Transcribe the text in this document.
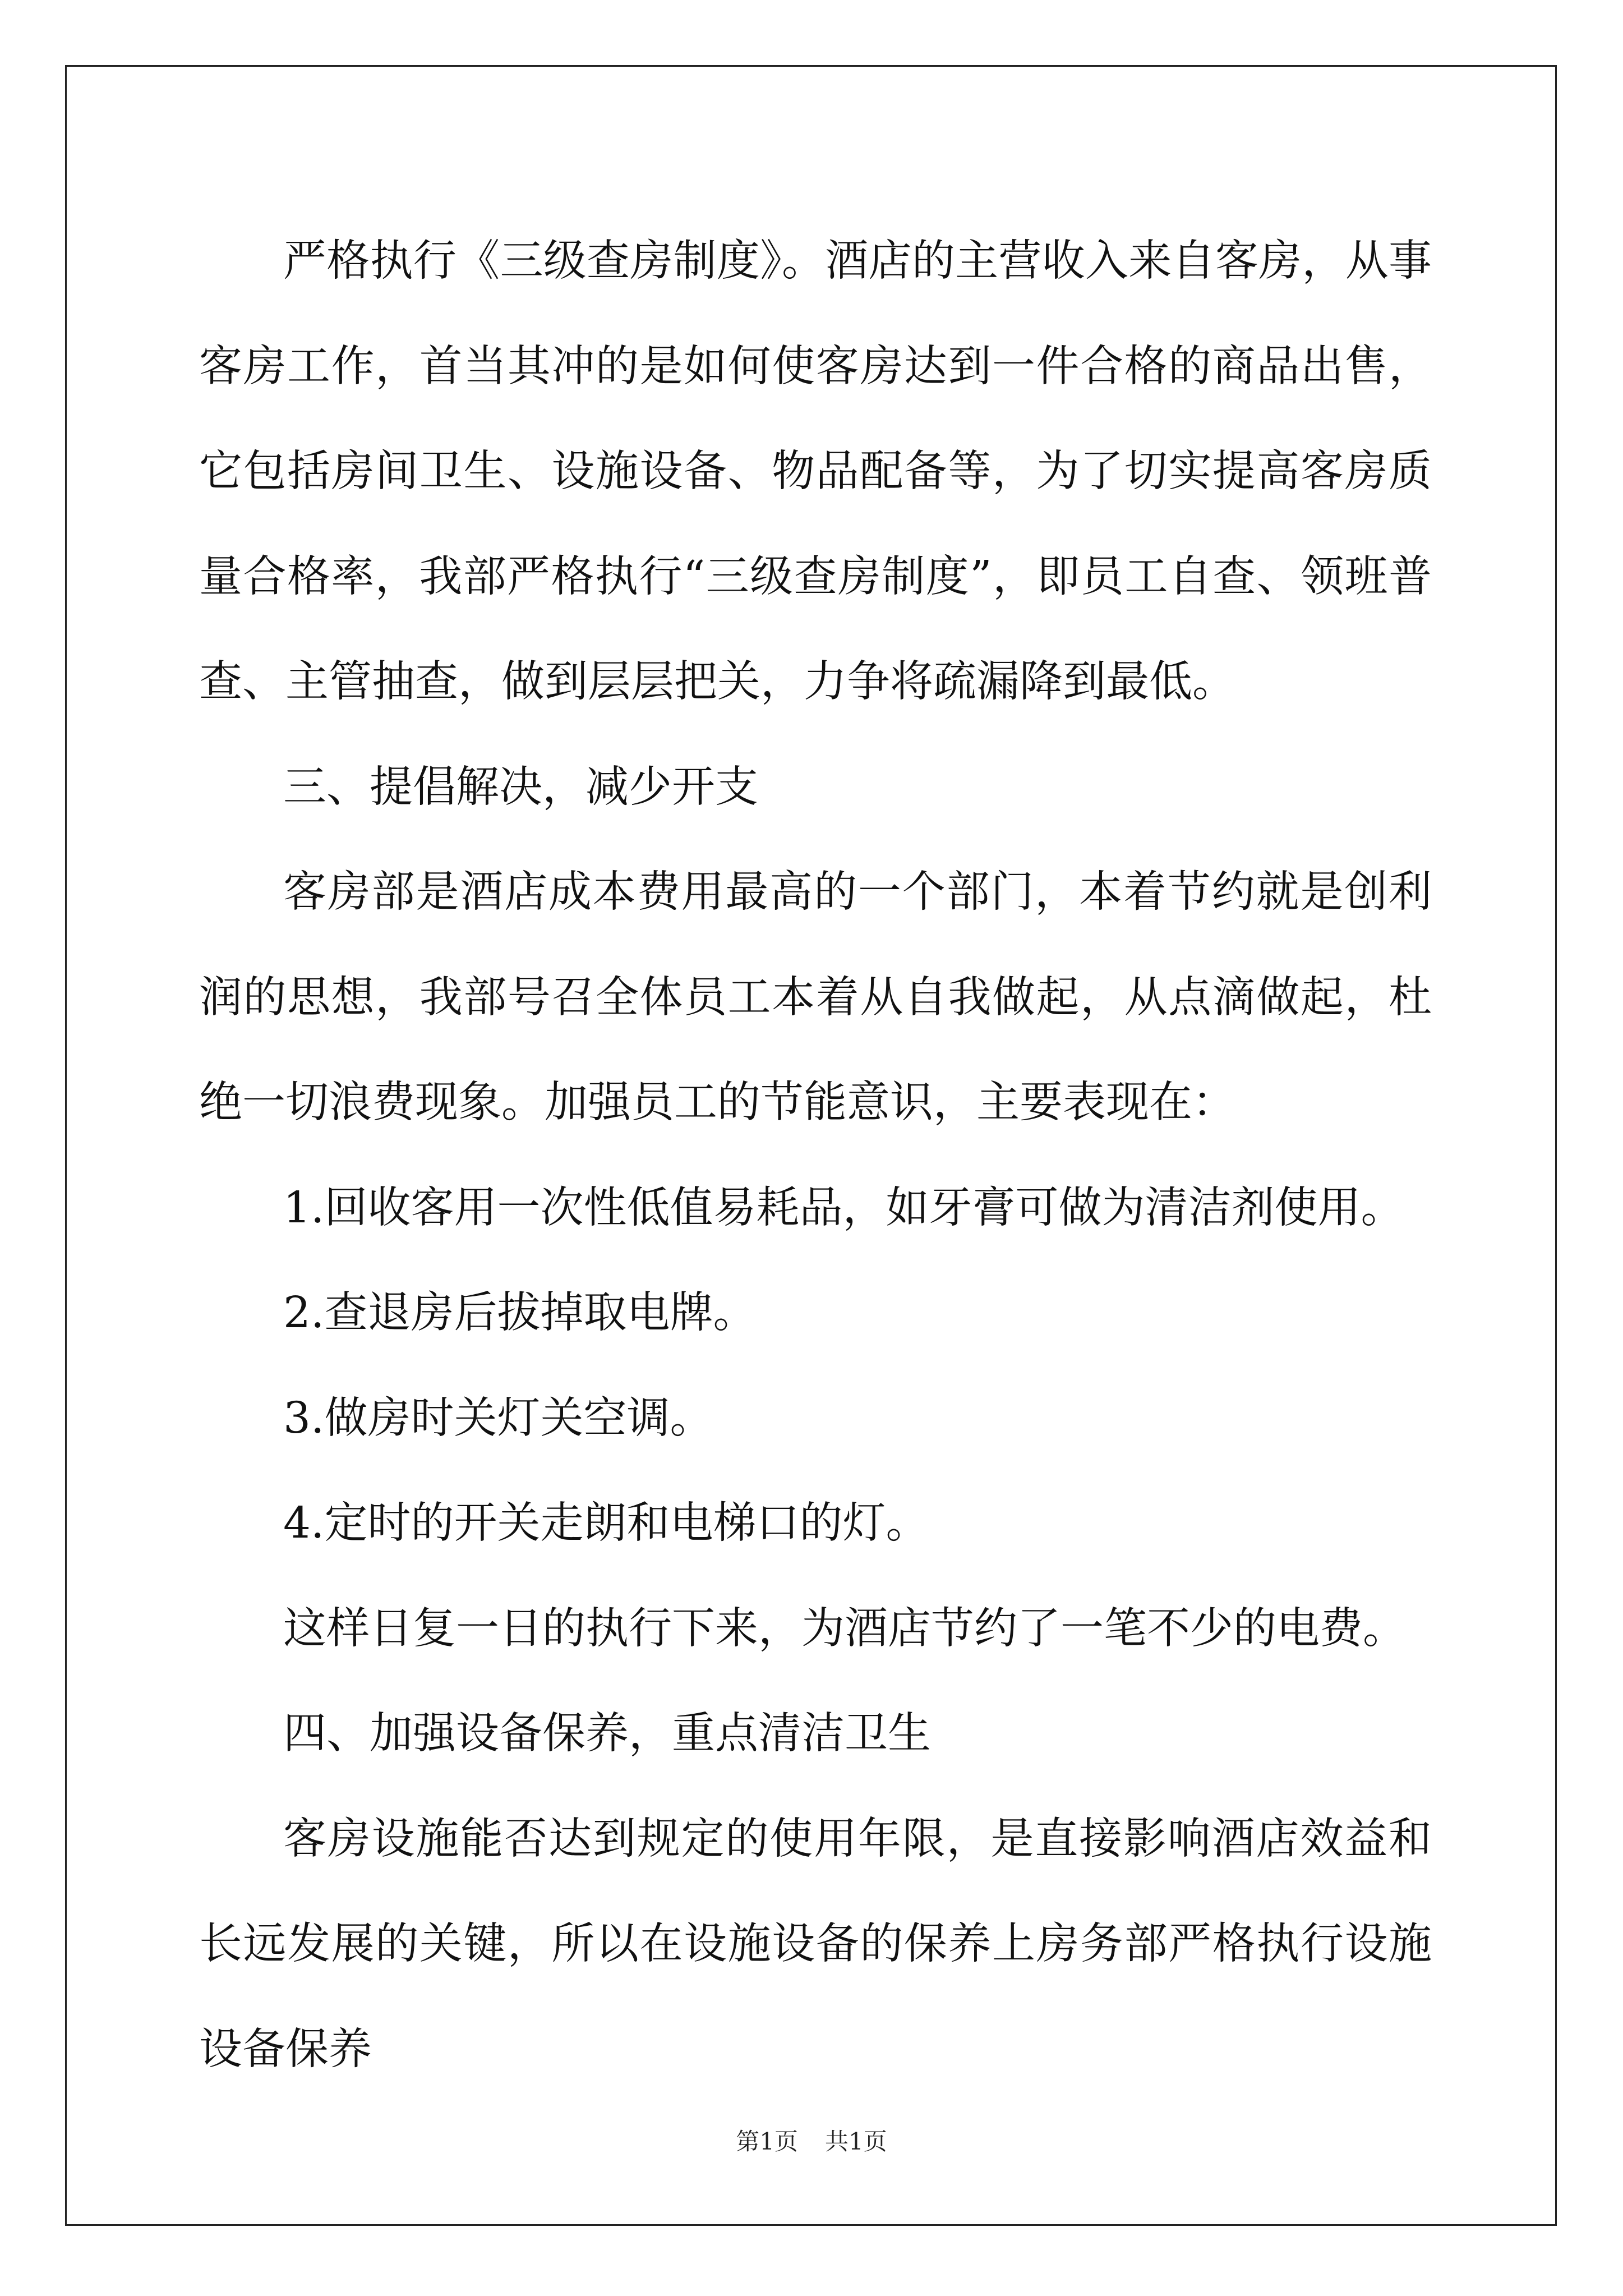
严格执行《三级查房制度》。酒店的主营收入来自客房，从事客房工作，首当其冲的是如何使客房达到一件合格的商品出售，它包括房间卫生、设施设备、物品配备等，为了切实提高客房质量合格率，我部严格执行“三级查房制度”，即员工自查、领班普查、主管抽查，做到层层把关，力争将疏漏降到最低。

三、提倡解决，减少开支

客房部是酒店成本费用最高的一个部门，本着节约就是创利润的思想，我部号召全体员工本着从自我做起，从点滴做起，杜绝一切浪费现象。加强员工的节能意识，主要表现在：

1.回收客用一次性低值易耗品，如牙膏可做为清洁剂使用。

2.查退房后拔掉取电牌。

3.做房时关灯关空调。

4.定时的开关走朗和电梯口的灯。

这样日复一日的执行下来，为酒店节约了一笔不少的电费。

四、加强设备保养，重点清洁卫生

客房设施能否达到规定的使用年限，是直接影响酒店效益和长远发展的关键，所以在设施设备的保养上房务部严格执行设施设备保养

第1页 共1页
